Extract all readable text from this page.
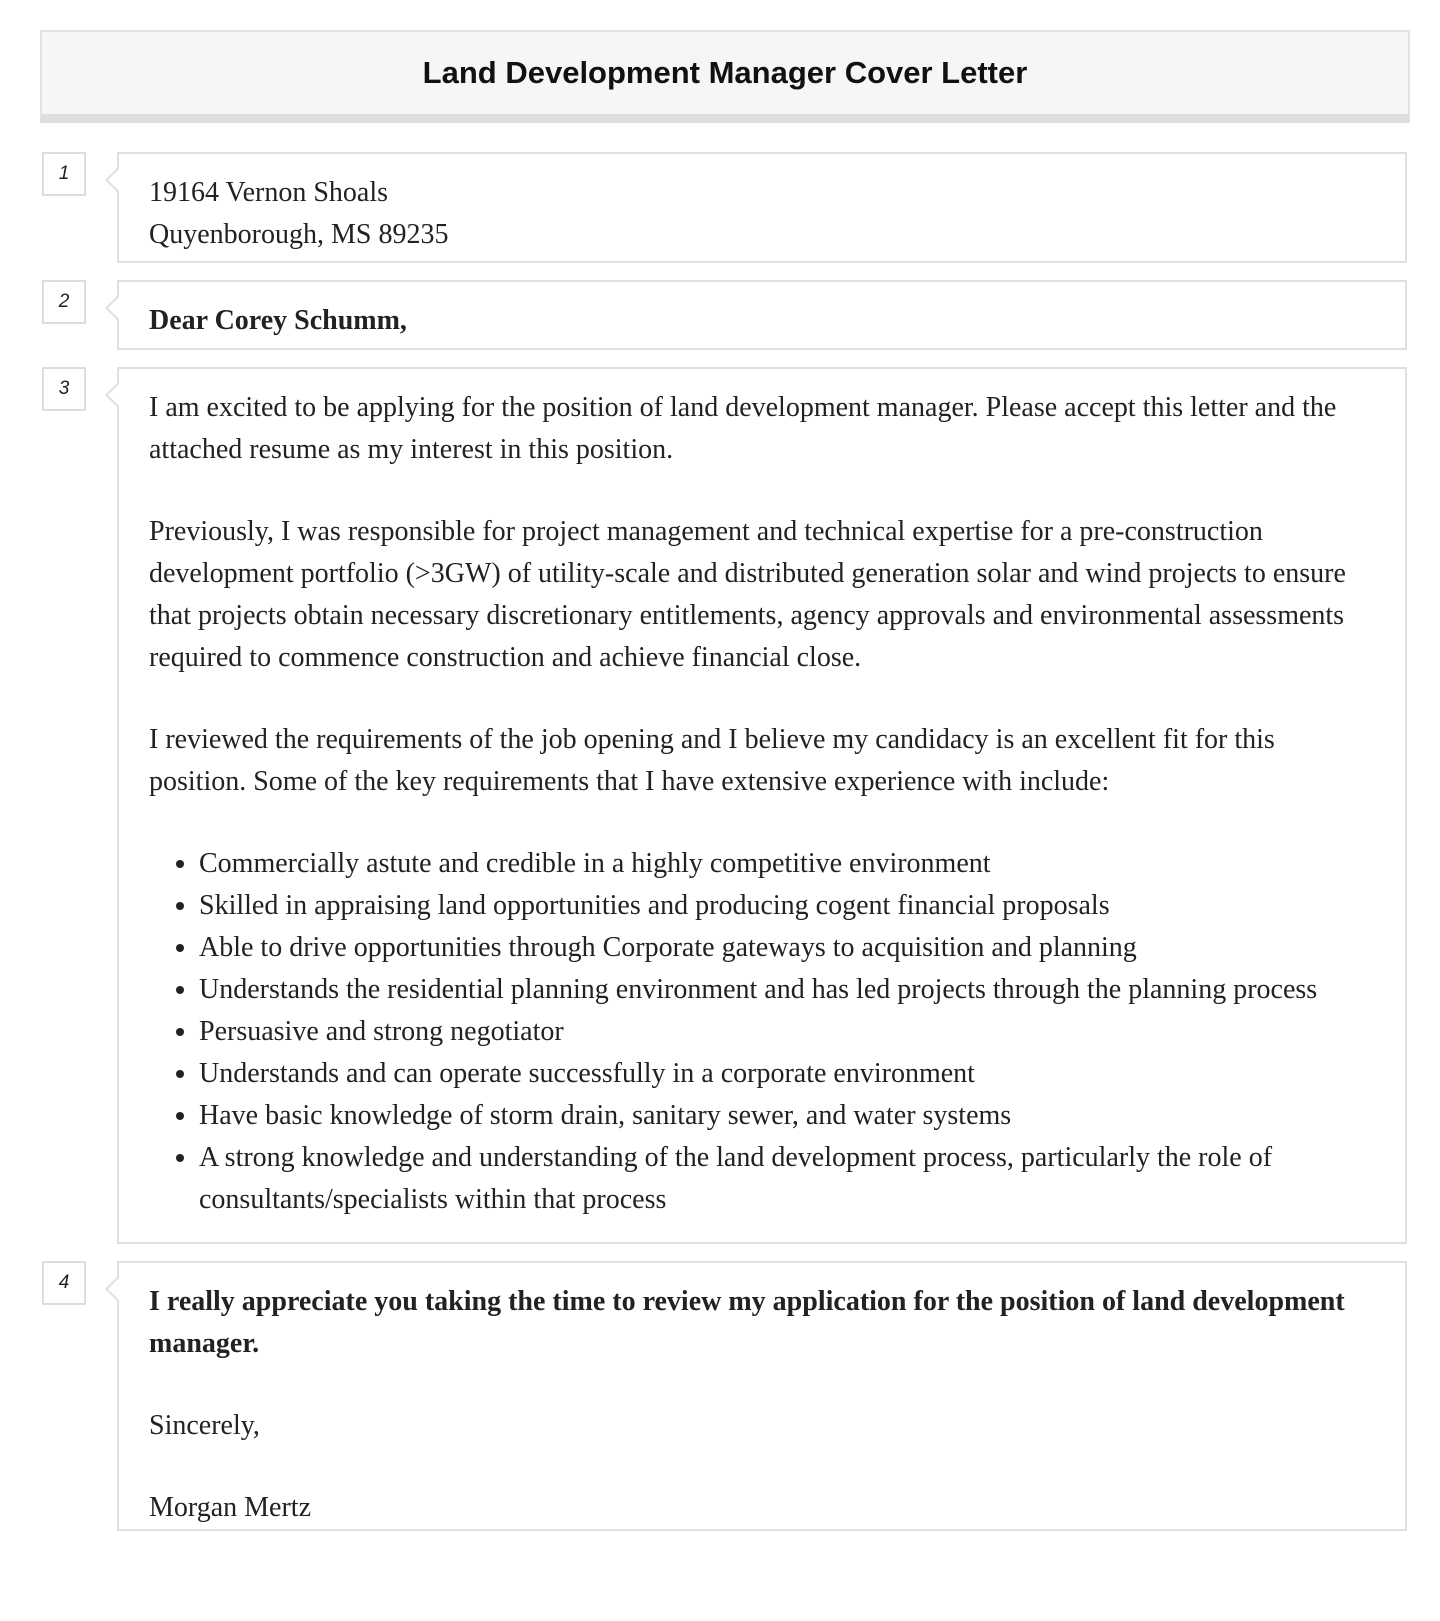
Land Development Manager Cover Letter
1

19164 Vernon Shoals

Quyenborough, MS 89235

2

Dear Corey Schumm,

3

I am excited to be applying for the position of land development manager. Please accept this letter and the attached resume as my interest in this position.

Previously, I was responsible for project management and technical expertise for a pre-construction development portfolio (>3GW) of utility-scale and distributed generation solar and wind projects to ensure that projects obtain necessary discretionary entitlements, agency approvals and environmental assessments required to commence construction and achieve financial close.

I reviewed the requirements of the job opening and I believe my candidacy is an excellent fit for this position. Some of the key requirements that I have extensive experience with include:

• Commercially astute and credible in a highly competitive environment
• Skilled in appraising land opportunities and producing cogent financial proposals
• Able to drive opportunities through Corporate gateways to acquisition and planning
• Understands the residential planning environment and has led projects through the planning process
• Persuasive and strong negotiator
• Understands and can operate successfully in a corporate environment
• Have basic knowledge of storm drain, sanitary sewer, and water systems
• A strong knowledge and understanding of the land development process, particularly the role of consultants/specialists within that process
4

I really appreciate you taking the time to review my application for the position of land development manager.

Sincerely,

Morgan Mertz
